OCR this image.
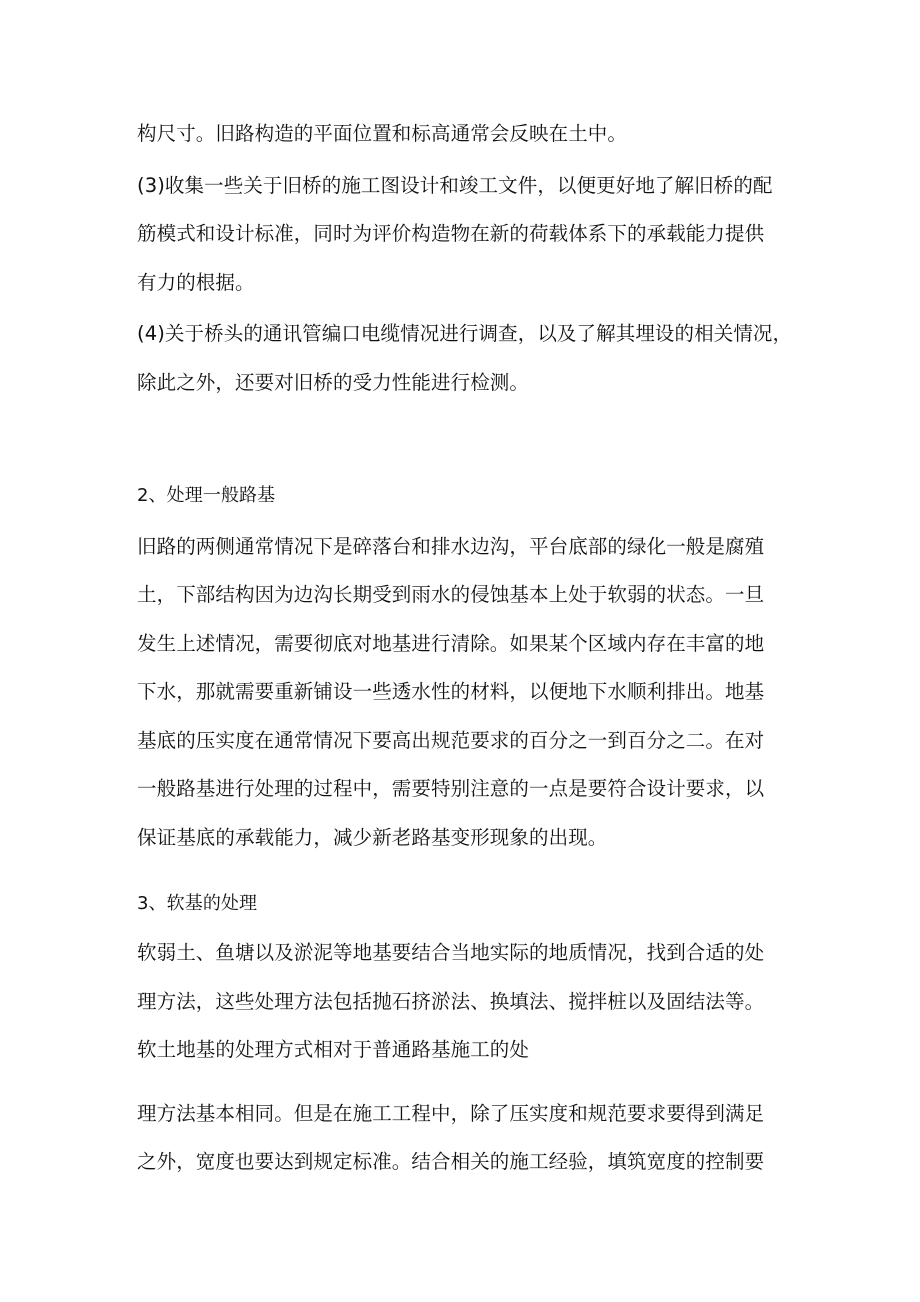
构尺寸。旧路构造的平面位置和标高通常会反映在土中。
(3)收集一些关于旧桥的施工图设计和竣工文件，以便更好地了解旧桥的配
筋模式和设计标准，同时为评价构造物在新的荷载体系下的承载能力提供
有力的根据。
(4)关于桥头的通讯管编口电缆情况进行调查，以及了解其埋设的相关情况，
除此之外，还要对旧桥的受力性能进行检测。
2、处理一般路基
旧路的两侧通常情况下是碎落台和排水边沟，平台底部的绿化一般是腐殖
土，下部结构因为边沟长期受到雨水的侵蚀基本上处于软弱的状态。一旦
发生上述情况，需要彻底对地基进行清除。如果某个区域内存在丰富的地
下水，那就需要重新铺设一些透水性的材料，以便地下水顺利排出。地基
基底的压实度在通常情况下要高出规范要求的百分之一到百分之二。在对
一般路基进行处理的过程中，需要特别注意的一点是要符合设计要求，以
保证基底的承载能力，减少新老路基变形现象的出现。
3、软基的处理
软弱土、鱼塘以及淤泥等地基要结合当地实际的地质情况，找到合适的处
理方法，这些处理方法包括抛石挤淤法、换填法、搅拌桩以及固结法等。
软土地基的处理方式相对于普通路基施工的处
理方法基本相同。但是在施工工程中，除了压实度和规范要求要得到满足
之外，宽度也要达到规定标准。结合相关的施工经验，填筑宽度的控制要
